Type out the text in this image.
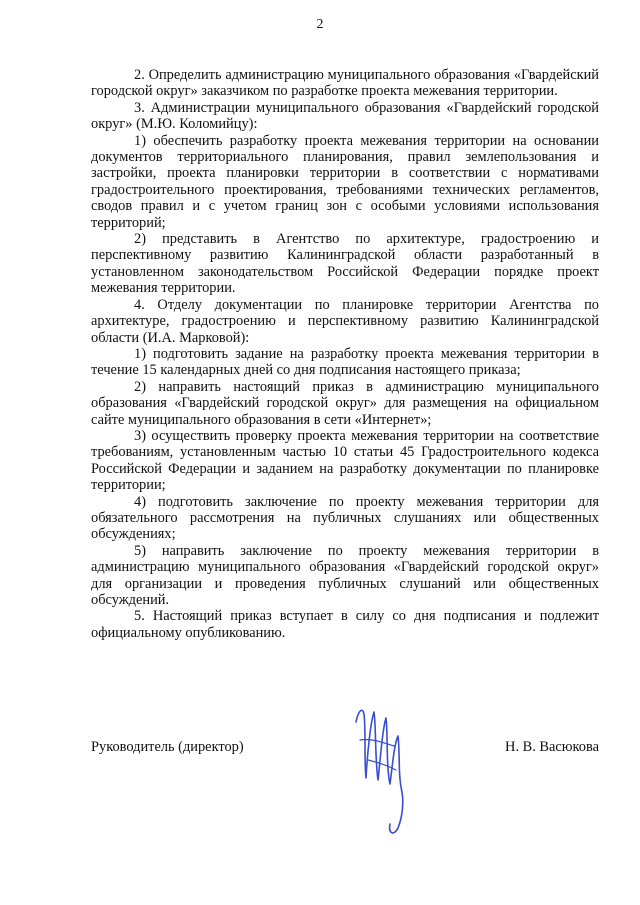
2

2. Определить администрацию муниципального образования «Гвардейский городской округ» заказчиком по разработке проекта межевания территории.

3. Администрации муниципального образования «Гвардейский городской округ» (М.Ю. Коломийцу):

1) обеспечить разработку проекта межевания территории на основании документов территориального планирования, правил землепользования и застройки, проекта планировки территории в соответствии с нормативами градостроительного проектирования, требованиями технических регламентов, сводов правил и с учетом границ зон с особыми условиями использования территорий;

2) представить в Агентство по архитектуре, градостроению и перспективному развитию Калининградской области разработанный в установленном законодательством Российской Федерации порядке проект межевания территории.

4. Отделу документации по планировке территории Агентства по архитектуре, градостроению и перспективному развитию Калининградской области (И.А. Марковой):

1) подготовить задание на разработку проекта межевания территории в течение 15 календарных дней со дня подписания настоящего приказа;

2) направить настоящий приказ в администрацию муниципального образования «Гвардейский городской округ» для размещения на официальном сайте муниципального образования в сети «Интернет»;

3) осуществить проверку проекта межевания территории на соответствие требованиям, установленным частью 10 статьи 45 Градостроительного кодекса Российской Федерации и заданием на разработку документации по планировке территории;

4) подготовить заключение по проекту межевания территории для обязательного рассмотрения на публичных слушаниях или общественных обсуждениях;

5) направить заключение по проекту межевания территории в администрацию муниципального образования «Гвардейский городской округ» для организации и проведения публичных слушаний или общественных обсуждений.

5. Настоящий приказ вступает в силу со дня подписания и подлежит официальному опубликованию.

Руководитель (директор)	Н. В. Васюкова
